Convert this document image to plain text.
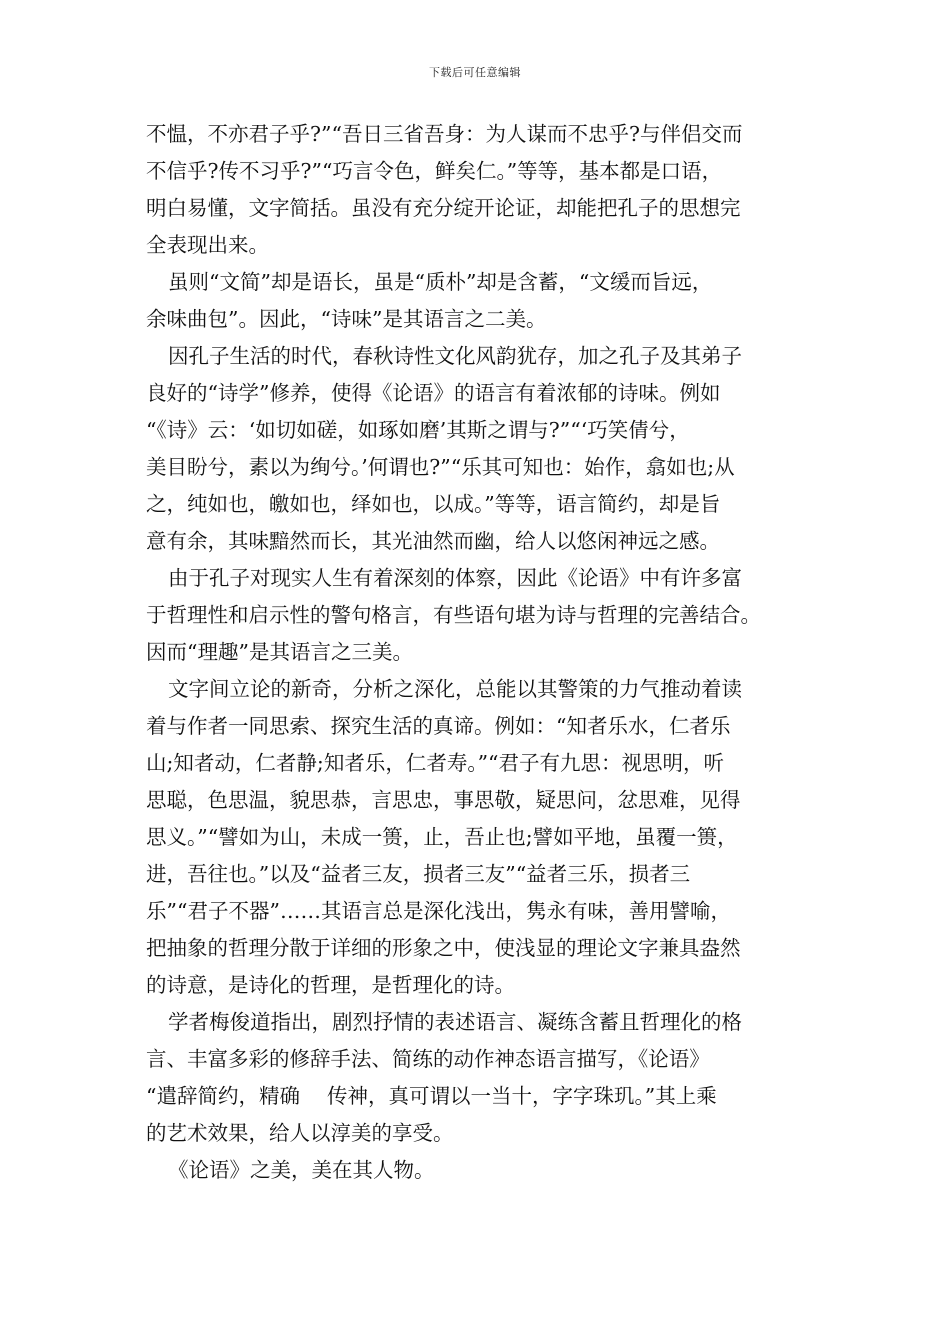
下载后可任意编辑
不愠，不亦君子乎?”“吾日三省吾身：为人谋而不忠乎?与伴侣交而
不信乎?传不习乎?”“巧言令色，鲜矣仁。”等等，基本都是口语，
明白易懂，文字简括。虽没有充分绽开论证，却能把孔子的思想完
全表现出来。
虽则“文简”却是语长，虽是“质朴”却是含蓄，“文缓而旨远，
余味曲包”。因此，“诗味”是其语言之二美。
因孔子生活的时代，春秋诗性文化风韵犹存，加之孔子及其弟子
良好的“诗学”修养，使得《论语》的语言有着浓郁的诗味。例如
“《诗》云：‘如切如磋，如琢如磨’其斯之谓与?”“‘巧笑倩兮，
美目盼兮，素以为绚兮。’何谓也?”“乐其可知也：始作，翕如也;从
之，纯如也，皦如也，绎如也，以成。”等等，语言简约，却是旨
意有余，其味黯然而长，其光油然而幽，给人以悠闲神远之感。
由于孔子对现实人生有着深刻的体察，因此《论语》中有许多富
于哲理性和启示性的警句格言，有些语句堪为诗与哲理的完善结合。
因而“理趣”是其语言之三美。
文字间立论的新奇，分析之深化，总能以其警策的力气推动着读
着与作者一同思索、探究生活的真谛。例如：“知者乐水，仁者乐
山;知者动，仁者静;知者乐，仁者寿。”“君子有九思：视思明，听
思聪，色思温，貌思恭，言思忠，事思敬，疑思问，忿思难，见得
思义。”“譬如为山，未成一篑，止，吾止也;譬如平地，虽覆一篑，
进，吾往也。”以及“益者三友，损者三友”“益者三乐，损者三
乐”“君子不器”……其语言总是深化浅出，隽永有味，善用譬喻，
把抽象的哲理分散于详细的形象之中，使浅显的理论文字兼具盎然
的诗意，是诗化的哲理，是哲理化的诗。
学者梅俊道指出，剧烈抒情的表述语言、凝练含蓄且哲理化的格
言、丰富多彩的修辞手法、简练的动作神态语言描写，《论语》
“遣辞简约，精确　 传神，真可谓以一当十，字字珠玑。”其上乘
的艺术效果，给人以淳美的享受。
《论语》之美，美在其人物。
